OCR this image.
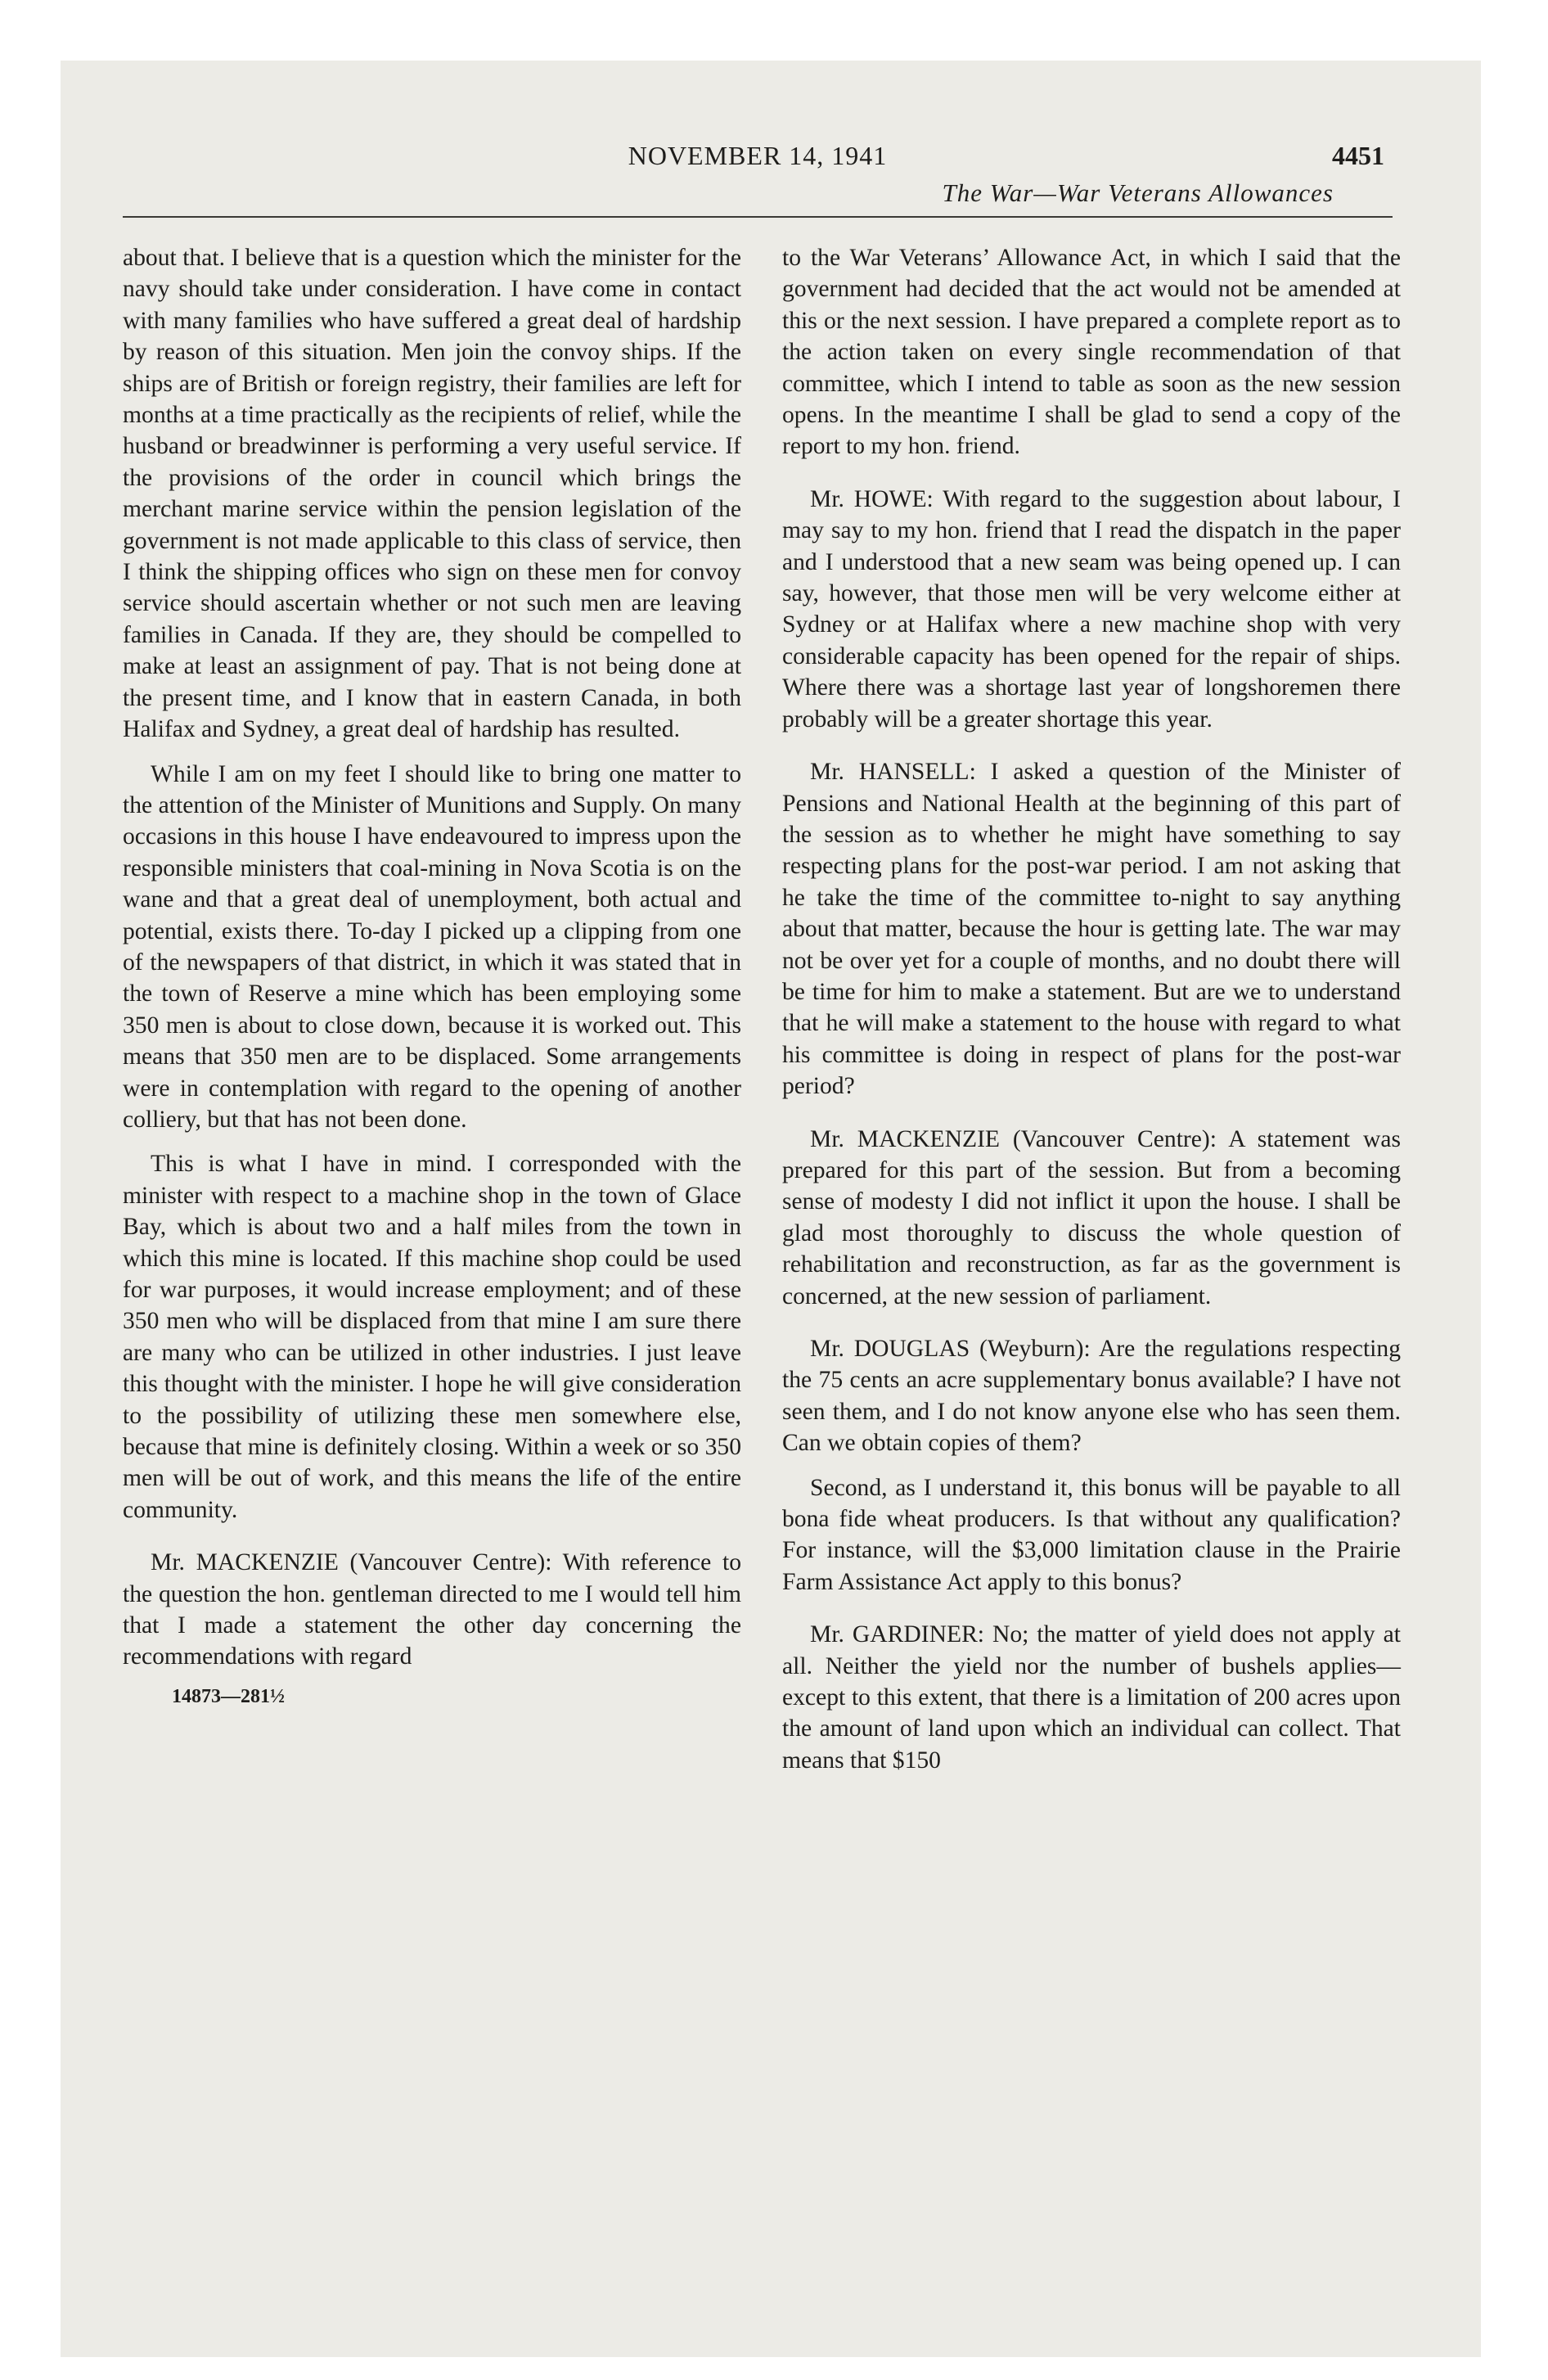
NOVEMBER 14, 1941	4451
The War—War Veterans Allowances

about that. I believe that is a question which the minister for the navy should take under consideration. I have come in contact with many families who have suffered a great deal of hardship by reason of this situation. Men join the convoy ships. If the ships are of British or foreign registry, their families are left for months at a time practically as the recipients of relief, while the husband or breadwinner is performing a very useful service. If the provisions of the order in council which brings the merchant marine service within the pension legislation of the government is not made applicable to this class of service, then I think the shipping offices who sign on these men for convoy service should ascertain whether or not such men are leaving families in Canada. If they are, they should be compelled to make at least an assignment of pay. That is not being done at the present time, and I know that in eastern Canada, in both Halifax and Sydney, a great deal of hardship has resulted.

While I am on my feet I should like to bring one matter to the attention of the Minister of Munitions and Supply. On many occasions in this house I have endeavoured to impress upon the responsible ministers that coal-mining in Nova Scotia is on the wane and that a great deal of unemployment, both actual and potential, exists there. To-day I picked up a clipping from one of the newspapers of that district, in which it was stated that in the town of Reserve a mine which has been employing some 350 men is about to close down, because it is worked out. This means that 350 men are to be displaced. Some arrangements were in contemplation with regard to the opening of another colliery, but that has not been done.

This is what I have in mind. I corresponded with the minister with respect to a machine shop in the town of Glace Bay, which is about two and a half miles from the town in which this mine is located. If this machine shop could be used for war purposes, it would increase employment; and of these 350 men who will be displaced from that mine I am sure there are many who can be utilized in other industries. I just leave this thought with the minister. I hope he will give consideration to the possibility of utilizing these men somewhere else, because that mine is definitely closing. Within a week or so 350 men will be out of work, and this means the life of the entire community.

Mr. MACKENZIE (Vancouver Centre): With reference to the question the hon. gentleman directed to me I would tell him that I made a statement the other day concerning the recommendations with regard

14873—281½

to the War Veterans’ Allowance Act, in which I said that the government had decided that the act would not be amended at this or the next session. I have prepared a complete report as to the action taken on every single recommendation of that committee, which I intend to table as soon as the new session opens. In the meantime I shall be glad to send a copy of the report to my hon. friend.

Mr. HOWE: With regard to the suggestion about labour, I may say to my hon. friend that I read the dispatch in the paper and I understood that a new seam was being opened up. I can say, however, that those men will be very welcome either at Sydney or at Halifax where a new machine shop with very considerable capacity has been opened for the repair of ships. Where there was a shortage last year of longshoremen there probably will be a greater shortage this year.

Mr. HANSELL: I asked a question of the Minister of Pensions and National Health at the beginning of this part of the session as to whether he might have something to say respecting plans for the post-war period. I am not asking that he take the time of the committee to-night to say anything about that matter, because the hour is getting late. The war may not be over yet for a couple of months, and no doubt there will be time for him to make a statement. But are we to understand that he will make a statement to the house with regard to what his committee is doing in respect of plans for the post-war period?

Mr. MACKENZIE (Vancouver Centre): A statement was prepared for this part of the session. But from a becoming sense of modesty I did not inflict it upon the house. I shall be glad most thoroughly to discuss the whole question of rehabilitation and reconstruction, as far as the government is concerned, at the new session of parliament.

Mr. DOUGLAS (Weyburn): Are the regulations respecting the 75 cents an acre supplementary bonus available? I have not seen them, and I do not know anyone else who has seen them. Can we obtain copies of them?

Second, as I understand it, this bonus will be payable to all bona fide wheat producers. Is that without any qualification? For instance, will the $3,000 limitation clause in the Prairie Farm Assistance Act apply to this bonus?

Mr. GARDINER: No; the matter of yield does not apply at all. Neither the yield nor the number of bushels applies—except to this extent, that there is a limitation of 200 acres upon the amount of land upon which an individual can collect. That means that $150
